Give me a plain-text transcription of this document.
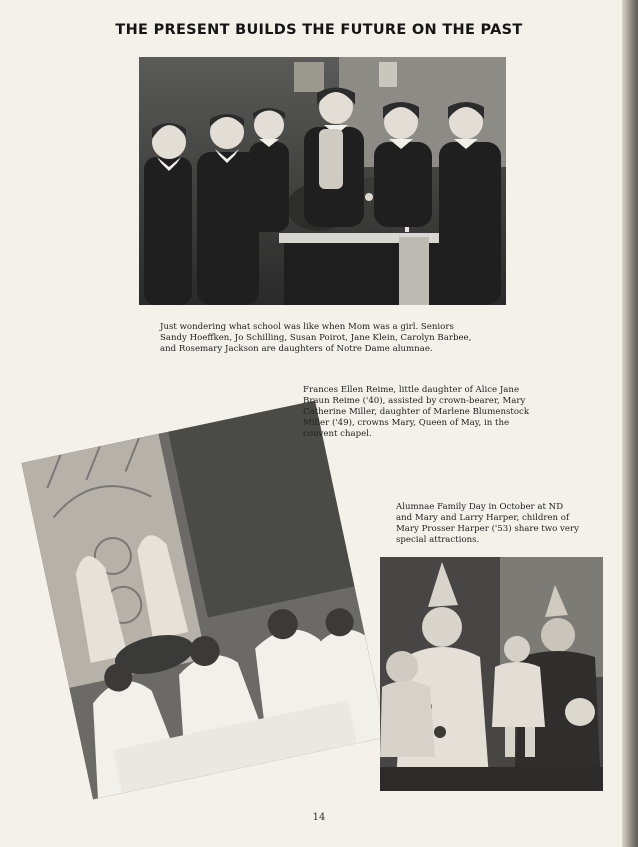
THE PRESENT BUILDS THE FUTURE ON THE PAST
Just wondering what school was like when Mom was a girl. Seniors
Sandy Hoeffken, Jo Schilling, Susan Poirot, Jane Klein, Carolyn Barbee,
and Rosemary Jackson are daughters of Notre Dame alumnae.
Frances Ellen Reime, little daughter of Alice Jane
Braun Reime ('40), assisted by crown-bearer, Mary
Catherine Miller, daughter of Marlene Blumenstock
Miller ('49), crowns Mary, Queen of May, in the
convent chapel.
Alumnae Family Day in October at ND
and Mary and Larry Harper, children of
Mary Prosser Harper ('53) share two very
special attractions.
14
